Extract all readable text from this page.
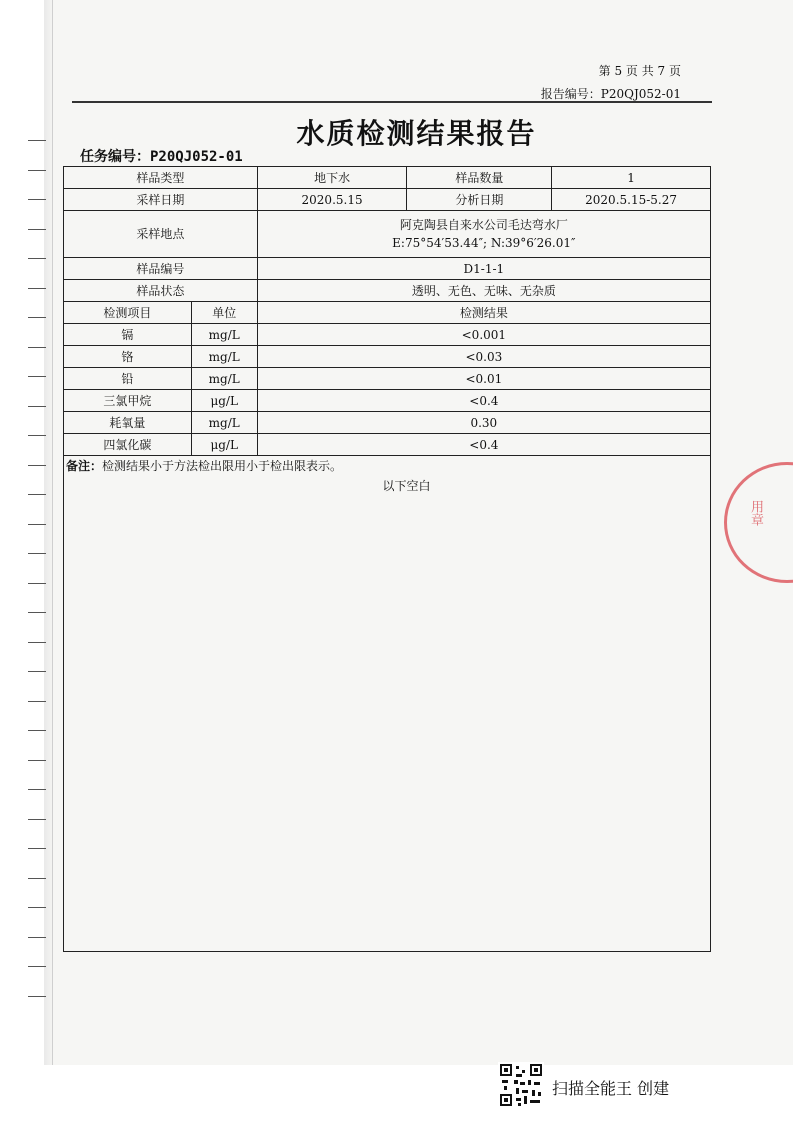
第 5 页 共 7 页
报告编号：P20QJ052-01
水质检测结果报告
任务编号：P20QJ052-01
样品类型		地下水	样品数量	1
采样日期		2020.5.15	分析日期	2020.5.15-5.27
采样地点		阿克陶县自来水公司毛达弯水厂
E:75°54′53.44″; N:39°6′26.01″		

样品编号		D1-1-1		
样品状态		透明、无色、无味、无杂质		
检测项目	单位	检测结果		
镉	mg/L	<0.001		
铬	mg/L	<0.03		
铅	mg/L	<0.01		
三氯甲烷	μg/L	<0.4		
耗氧量	mg/L	0.30		
四氯化碳	μg/L	<0.4		
备注：检测结果小于方法检出限用小于检出限表示。
以下空白
用章
扫描全能王 创建
